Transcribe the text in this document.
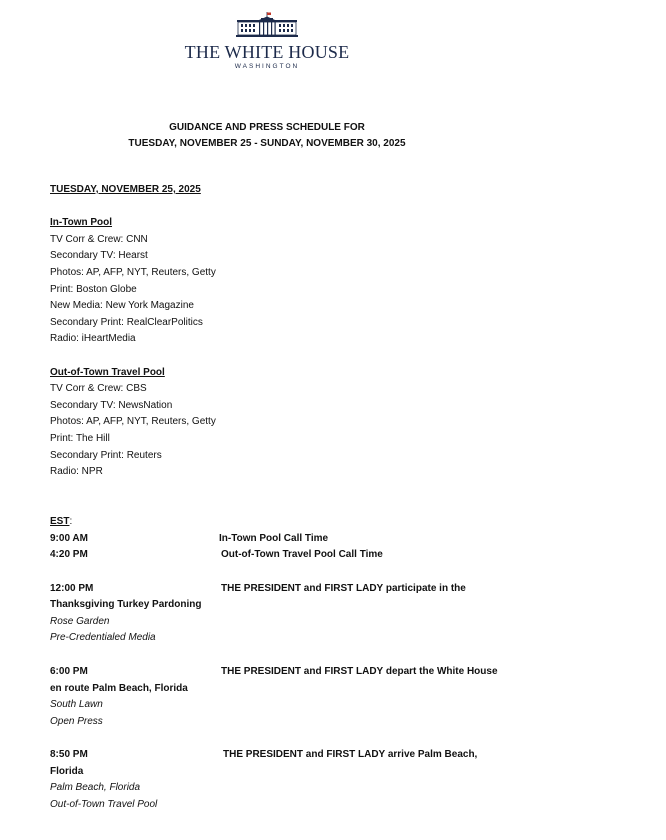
THE WHITE HOUSE
WASHINGTON
GUIDANCE AND PRESS SCHEDULE FOR
TUESDAY, NOVEMBER 25 - SUNDAY, NOVEMBER 30, 2025
TUESDAY, NOVEMBER 25, 2025
In-Town Pool
TV Corr & Crew: CNN
Secondary TV: Hearst
Photos: AP, AFP, NYT, Reuters, Getty
Print: Boston Globe
New Media: New York Magazine
Secondary Print: RealClearPolitics
Radio: iHeartMedia
Out-of-Town Travel Pool
TV Corr & Crew: CBS
Secondary TV: NewsNation
Photos: AP, AFP, NYT, Reuters, Getty
Print: The Hill
Secondary Print: Reuters
Radio: NPR
EST:
9:00 AM	In-Town Pool Call Time
4:20 PM	Out-of-Town Travel Pool Call Time
12:00 PM	THE PRESIDENT and FIRST LADY participate in the
Thanksgiving Turkey Pardoning
Rose Garden
Pre-Credentialed Media
6:00 PM	THE PRESIDENT and FIRST LADY depart the White House
en route Palm Beach, Florida
South Lawn
Open Press
8:50 PM	THE PRESIDENT and FIRST LADY arrive Palm Beach,
Florida
Palm Beach, Florida
Out-of-Town Travel Pool
